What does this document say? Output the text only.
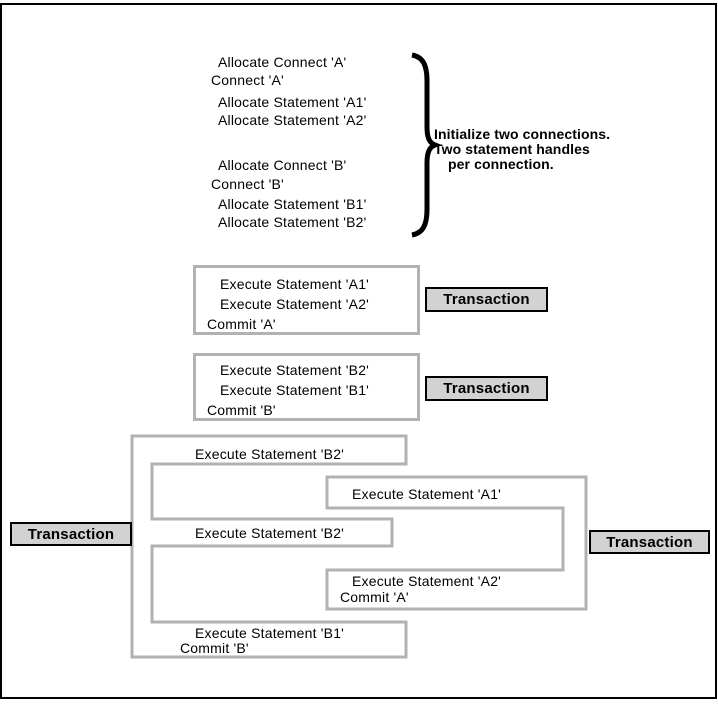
Allocate Connect 'A'
Connect 'A'
Allocate Statement 'A1'
Allocate Statement 'A2'
Allocate Connect 'B'
Connect 'B'
Allocate Statement 'B1'
Allocate Statement 'B2'
Initialize two connections.
Two statement handles
per connection.
Execute Statement 'A1'
Execute Statement 'A2'
Commit 'A'
Transaction
Execute Statement 'B2'
Execute Statement 'B1'
Commit 'B'
Transaction
Execute Statement 'B2'
Execute Statement 'A1'
Execute Statement 'B2'
Execute Statement 'A2'
Commit 'A'
Execute Statement 'B1'
Commit 'B'
Transaction	Transaction
